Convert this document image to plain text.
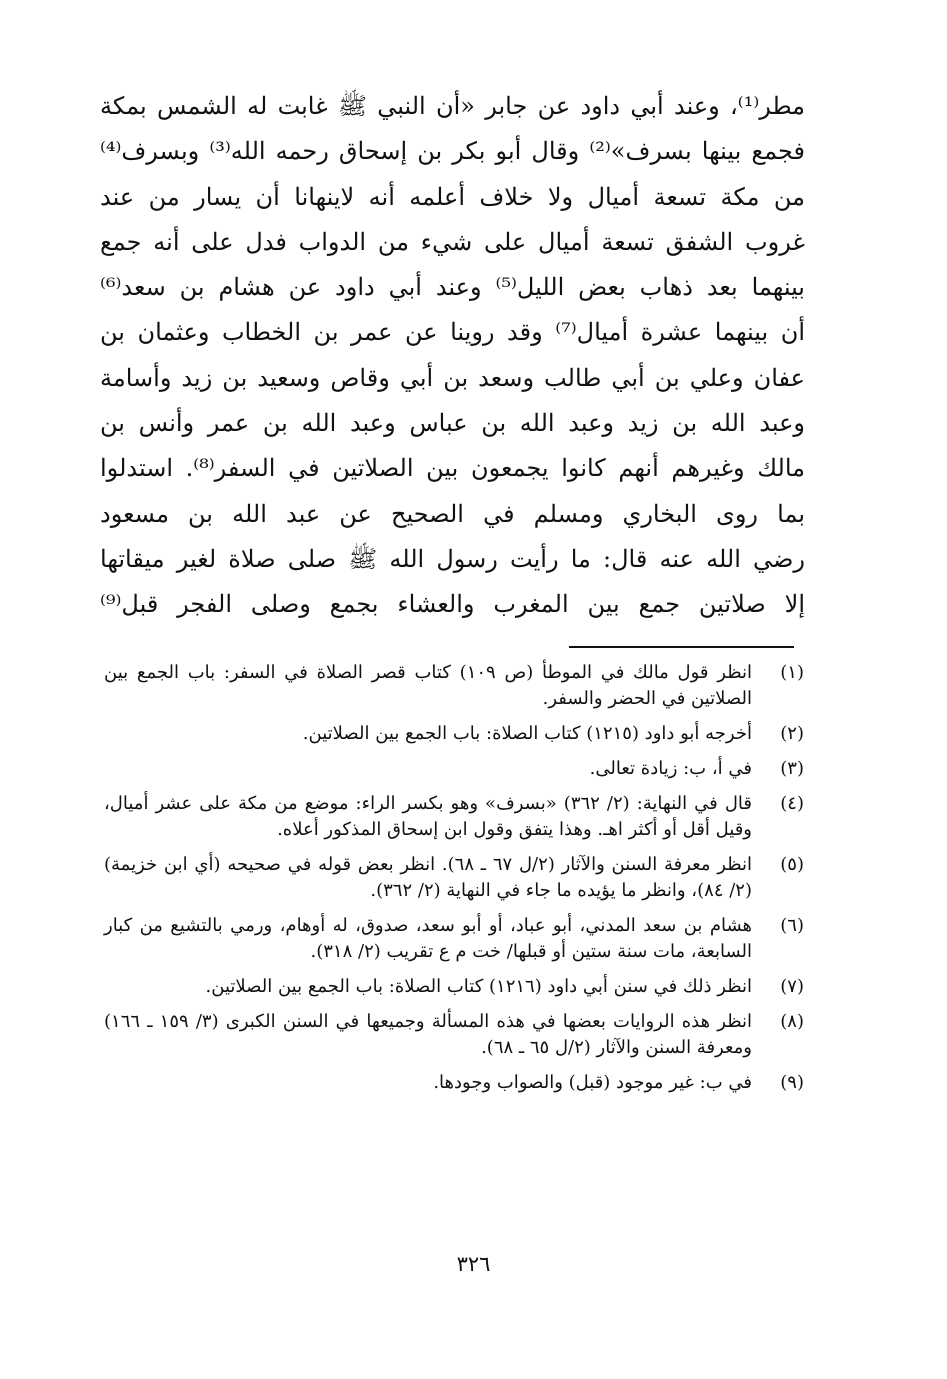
مطر⁽¹⁾، وعند أبي داود عن جابر «أن النبي ﷺ غابت له الشمس بمكة
فجمع بينها بسرف»⁽²⁾ وقال أبو بكر بن إسحاق رحمه الله⁽³⁾ وبسرف⁽⁴⁾
من مكة تسعة أميال ولا خلاف أعلمه أنه لاينهانا أن يسار من عند
غروب الشفق تسعة أميال على شيء من الدواب فدل على أنه جمع
بينهما بعد ذهاب بعض الليل⁽⁵⁾ وعند أبي داود عن هشام بن سعد⁽⁶⁾
أن بينهما عشرة أميال⁽⁷⁾ وقد روينا عن عمر بن الخطاب وعثمان بن
عفان وعلي بن أبي طالب وسعد بن أبي وقاص وسعيد بن زيد وأسامة
وعبد الله بن زيد وعبد الله بن عباس وعبد الله بن عمر وأنس بن
مالك وغيرهم أنهم كانوا يجمعون بين الصلاتين في السفر⁽⁸⁾. استدلوا
بما روى البخاري ومسلم في الصحيح عن عبد الله بن مسعود
رضي الله عنه قال: ما رأيت رسول الله ﷺ صلى صلاة لغير ميقاتها
إلا صلاتين جمع بين المغرب والعشاء بجمع وصلى الفجر قبل⁽⁹⁾
(١)
انظر قول مالك في الموطأ (ص ١٠٩) كتاب قصر الصلاة في السفر: باب الجمع بين الصلاتين في الحضر والسفر.
(٢)
أخرجه أبو داود (١٢١٥) كتاب الصلاة: باب الجمع بين الصلاتين.
(٣)
في أ، ب: زيادة تعالى.
(٤)
قال في النهاية: (٢/ ٣٦٢) «بسرف» وهو بكسر الراء: موضع من مكة على عشر أميال، وقيل أقل أو أكثر اهـ. وهذا يتفق وقول ابن إسحاق المذكور أعلاه.
(٥)
انظر معرفة السنن والآثار (٢/ل ٦٧ ـ ٦٨). انظر بعض قوله في صحيحه (أي ابن خزيمة) (٢/ ٨٤)، وانظر ما يؤيده ما جاء في النهاية (٢/ ٣٦٢).
(٦)
هشام بن سعد المدني، أبو عباد، أو أبو سعد، صدوق، له أوهام، ورمي بالتشيع من كبار السابعة، مات سنة ستين أو قبلها/ خت م ع تقريب (٢/ ٣١٨).
(٧)
انظر ذلك في سنن أبي داود (١٢١٦) كتاب الصلاة: باب الجمع بين الصلاتين.
(٨)
انظر هذه الروايات بعضها في هذه المسألة وجميعها في السنن الكبرى (٣/ ١٥٩ ـ ١٦٦) ومعرفة السنن والآثار (٢/ل ٦٥ ـ ٦٨).
(٩)
في ب: غير موجود (قبل) والصواب وجودها.
٣٢٦
